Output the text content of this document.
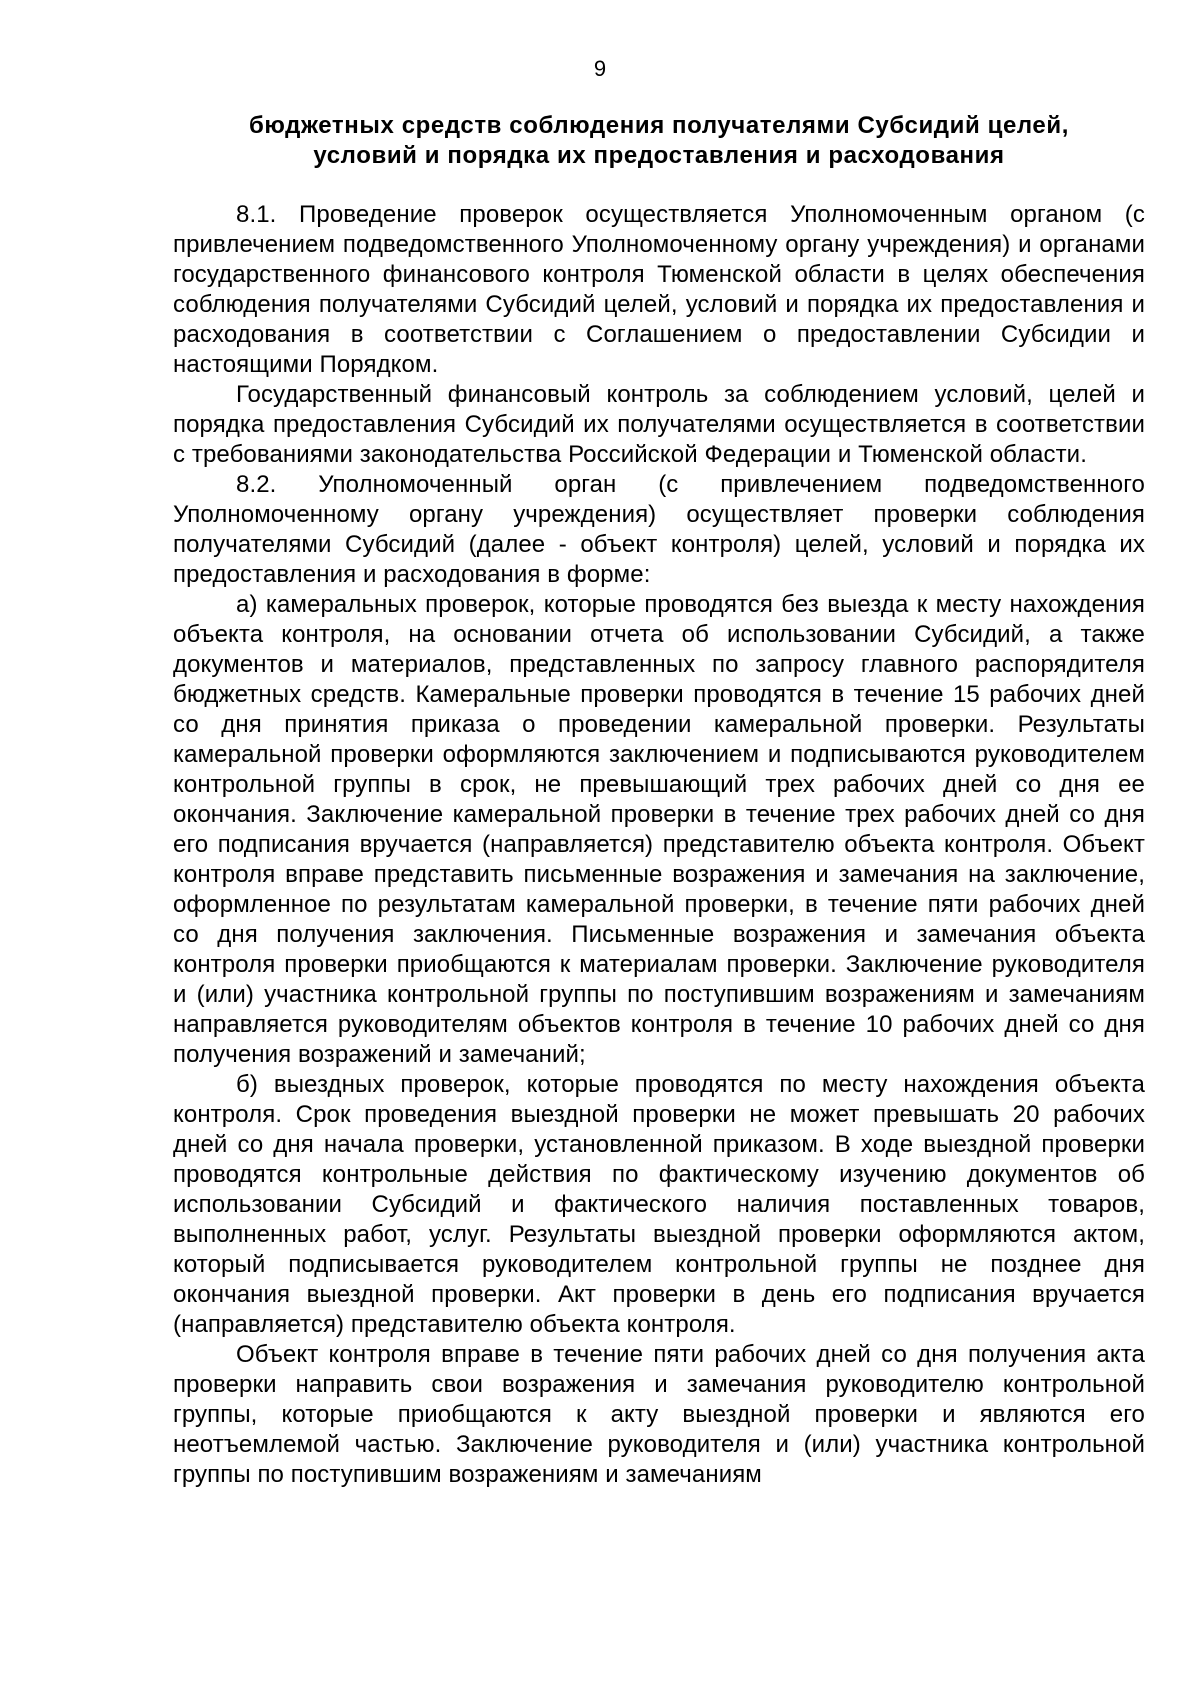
9
бюджетных средств соблюдения получателями Субсидий целей,
условий и порядка их предоставления и расходования

8.1. Проведение проверок осуществляется Уполномоченным органом (с привлечением подведомственного Уполномоченному органу учреждения) и органами государственного финансового контроля Тюменской области в целях обеспечения соблюдения получателями Субсидий целей, условий и порядка их предоставления и расходования в соответствии с Соглашением о предоставлении Субсидии и настоящими Порядком.

Государственный финансовый контроль за соблюдением условий, целей и порядка предоставления Субсидий их получателями осуществляется в соответствии с требованиями законодательства Российской Федерации и Тюменской области.

8.2. Уполномоченный орган (с привлечением подведомственного Уполномоченному органу учреждения) осуществляет проверки соблюдения получателями Субсидий (далее - объект контроля) целей, условий и порядка их предоставления и расходования в форме:

а) камеральных проверок, которые проводятся без выезда к месту нахождения объекта контроля, на основании отчета об использовании Субсидий, а также документов и материалов, представленных по запросу главного распорядителя бюджетных средств. Камеральные проверки проводятся в течение 15 рабочих дней со дня принятия приказа о проведении камеральной проверки. Результаты камеральной проверки оформляются заключением и подписываются руководителем контрольной группы в срок, не превышающий трех рабочих дней со дня ее окончания. Заключение камеральной проверки в течение трех рабочих дней со дня его подписания вручается (направляется) представителю объекта контроля. Объект контроля вправе представить письменные возражения и замечания на заключение, оформленное по результатам камеральной проверки, в течение пяти рабочих дней со дня получения заключения. Письменные возражения и замечания объекта контроля проверки приобщаются к материалам проверки. Заключение руководителя и (или) участника контрольной группы по поступившим возражениям и замечаниям направляется руководителям объектов контроля в течение 10 рабочих дней со дня получения возражений и замечаний;

б) выездных проверок, которые проводятся по месту нахождения объекта контроля. Срок проведения выездной проверки не может превышать 20 рабочих дней со дня начала проверки, установленной приказом. В ходе выездной проверки проводятся контрольные действия по фактическому изучению документов об использовании Субсидий и фактического наличия поставленных товаров, выполненных работ, услуг. Результаты выездной проверки оформляются актом, который подписывается руководителем контрольной группы не позднее дня окончания выездной проверки. Акт проверки в день его подписания вручается (направляется) представителю объекта контроля.

Объект контроля вправе в течение пяти рабочих дней со дня получения акта проверки направить свои возражения и замечания руководителю контрольной группы, которые приобщаются к акту выездной проверки и являются его неотъемлемой частью. Заключение руководителя и (или) участника контрольной группы по поступившим возражениям и замечаниям
